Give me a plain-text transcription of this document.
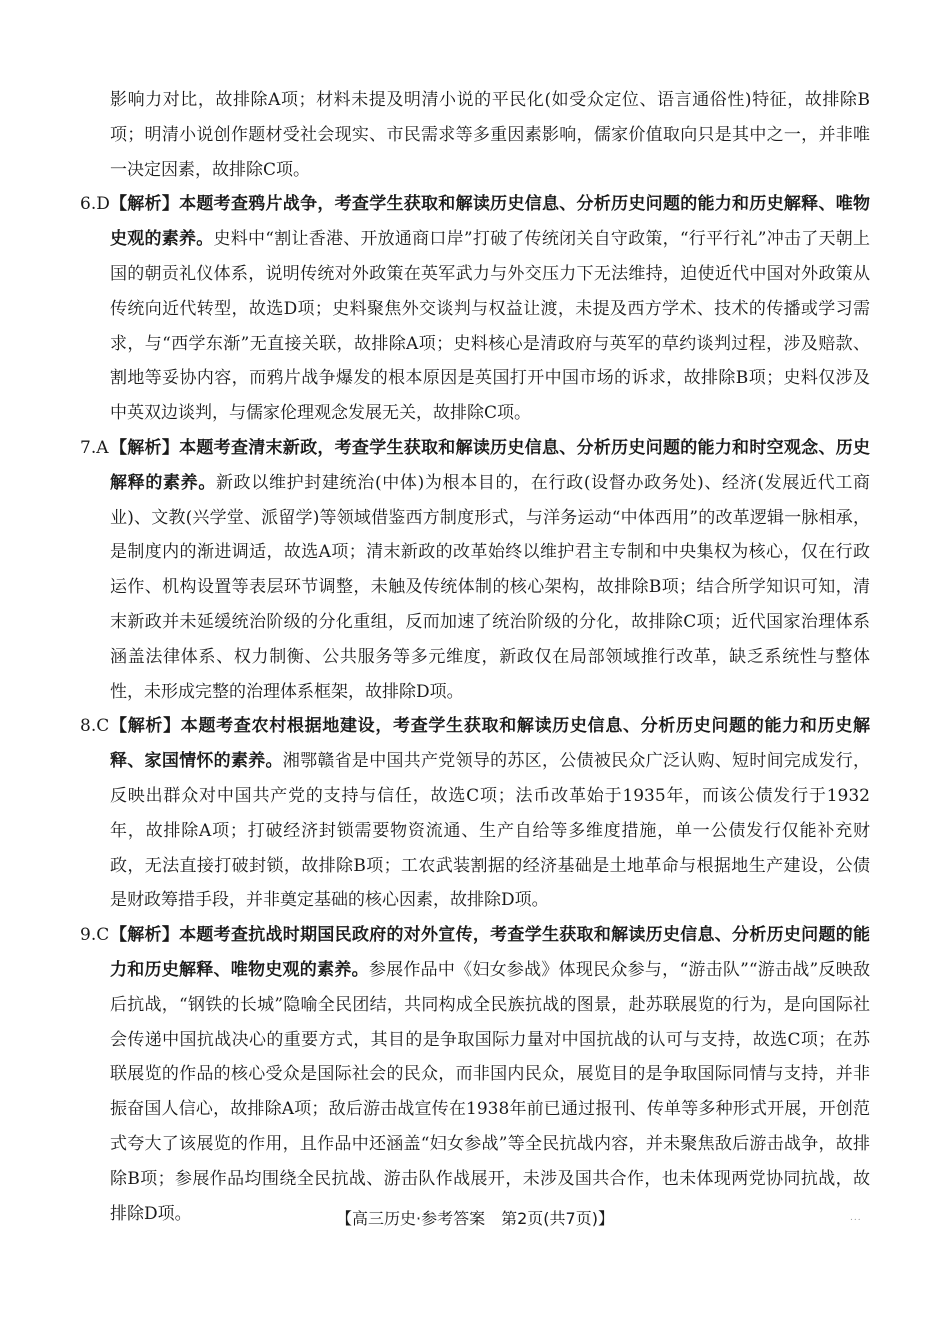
影响力对比，故排除A项；材料未提及明清小说的平民化(如受众定位、语言通俗性)特征，故排除B项；明清小说创作题材受社会现实、市民需求等多重因素影响，儒家价值取向只是其中之一，并非唯一决定因素，故排除C项。

6.D 【解析】本题考查鸦片战争，考查学生获取和解读历史信息、分析历史问题的能力和历史解释、唯物史观的素养。史料中“割让香港、开放通商口岸”打破了传统闭关自守政策，“行平行礼”冲击了天朝上国的朝贡礼仪体系，说明传统对外政策在英军武力与外交压力下无法维持，迫使近代中国对外政策从传统向近代转型，故选D项；史料聚焦外交谈判与权益让渡，未提及西方学术、技术的传播或学习需求，与“西学东渐”无直接关联，故排除A项；史料核心是清政府与英军的草约谈判过程，涉及赔款、割地等妥协内容，而鸦片战争爆发的根本原因是英国打开中国市场的诉求，故排除B项；史料仅涉及中英双边谈判，与儒家伦理观念发展无关，故排除C项。

7.A 【解析】本题考查清末新政，考查学生获取和解读历史信息、分析历史问题的能力和时空观念、历史解释的素养。新政以维护封建统治(中体)为根本目的，在行政(设督办政务处)、经济(发展近代工商业)、文教(兴学堂、派留学)等领域借鉴西方制度形式，与洋务运动“中体西用”的改革逻辑一脉相承，是制度内的渐进调适，故选A项；清末新政的改革始终以维护君主专制和中央集权为核心，仅在行政运作、机构设置等表层环节调整，未触及传统体制的核心架构，故排除B项；结合所学知识可知，清末新政并未延缓统治阶级的分化重组，反而加速了统治阶级的分化，故排除C项；近代国家治理体系涵盖法律体系、权力制衡、公共服务等多元维度，新政仅在局部领域推行改革，缺乏系统性与整体性，未形成完整的治理体系框架，故排除D项。

8.C 【解析】本题考查农村根据地建设，考查学生获取和解读历史信息、分析历史问题的能力和历史解释、家国情怀的素养。湘鄂赣省是中国共产党领导的苏区，公债被民众广泛认购、短时间完成发行，反映出群众对中国共产党的支持与信任，故选C项；法币改革始于1935年，而该公债发行于1932年，故排除A项；打破经济封锁需要物资流通、生产自给等多维度措施，单一公债发行仅能补充财政，无法直接打破封锁，故排除B项；工农武装割据的经济基础是土地革命与根据地生产建设，公债是财政筹措手段，并非奠定基础的核心因素，故排除D项。

9.C 【解析】本题考查抗战时期国民政府的对外宣传，考查学生获取和解读历史信息、分析历史问题的能力和历史解释、唯物史观的素养。参展作品中《妇女参战》体现民众参与，“游击队”“游击战”反映敌后抗战，“钢铁的长城”隐喻全民团结，共同构成全民族抗战的图景，赴苏联展览的行为，是向国际社会传递中国抗战决心的重要方式，其目的是争取国际力量对中国抗战的认可与支持，故选C项；在苏联展览的作品的核心受众是国际社会的民众，而非国内民众，展览目的是争取国际同情与支持，并非振奋国人信心，故排除A项；敌后游击战宣传在1938年前已通过报刊、传单等多种形式开展，开创范式夸大了该展览的作用，且作品中还涵盖“妇女参战”等全民抗战内容，并未聚焦敌后游击战争，故排除B项；参展作品均围绕全民抗战、游击队作战展开，未涉及国共合作，也未体现两党协同抗战，故排除D项。	【高三历史·参考答案　第2页(共7页)】	...
